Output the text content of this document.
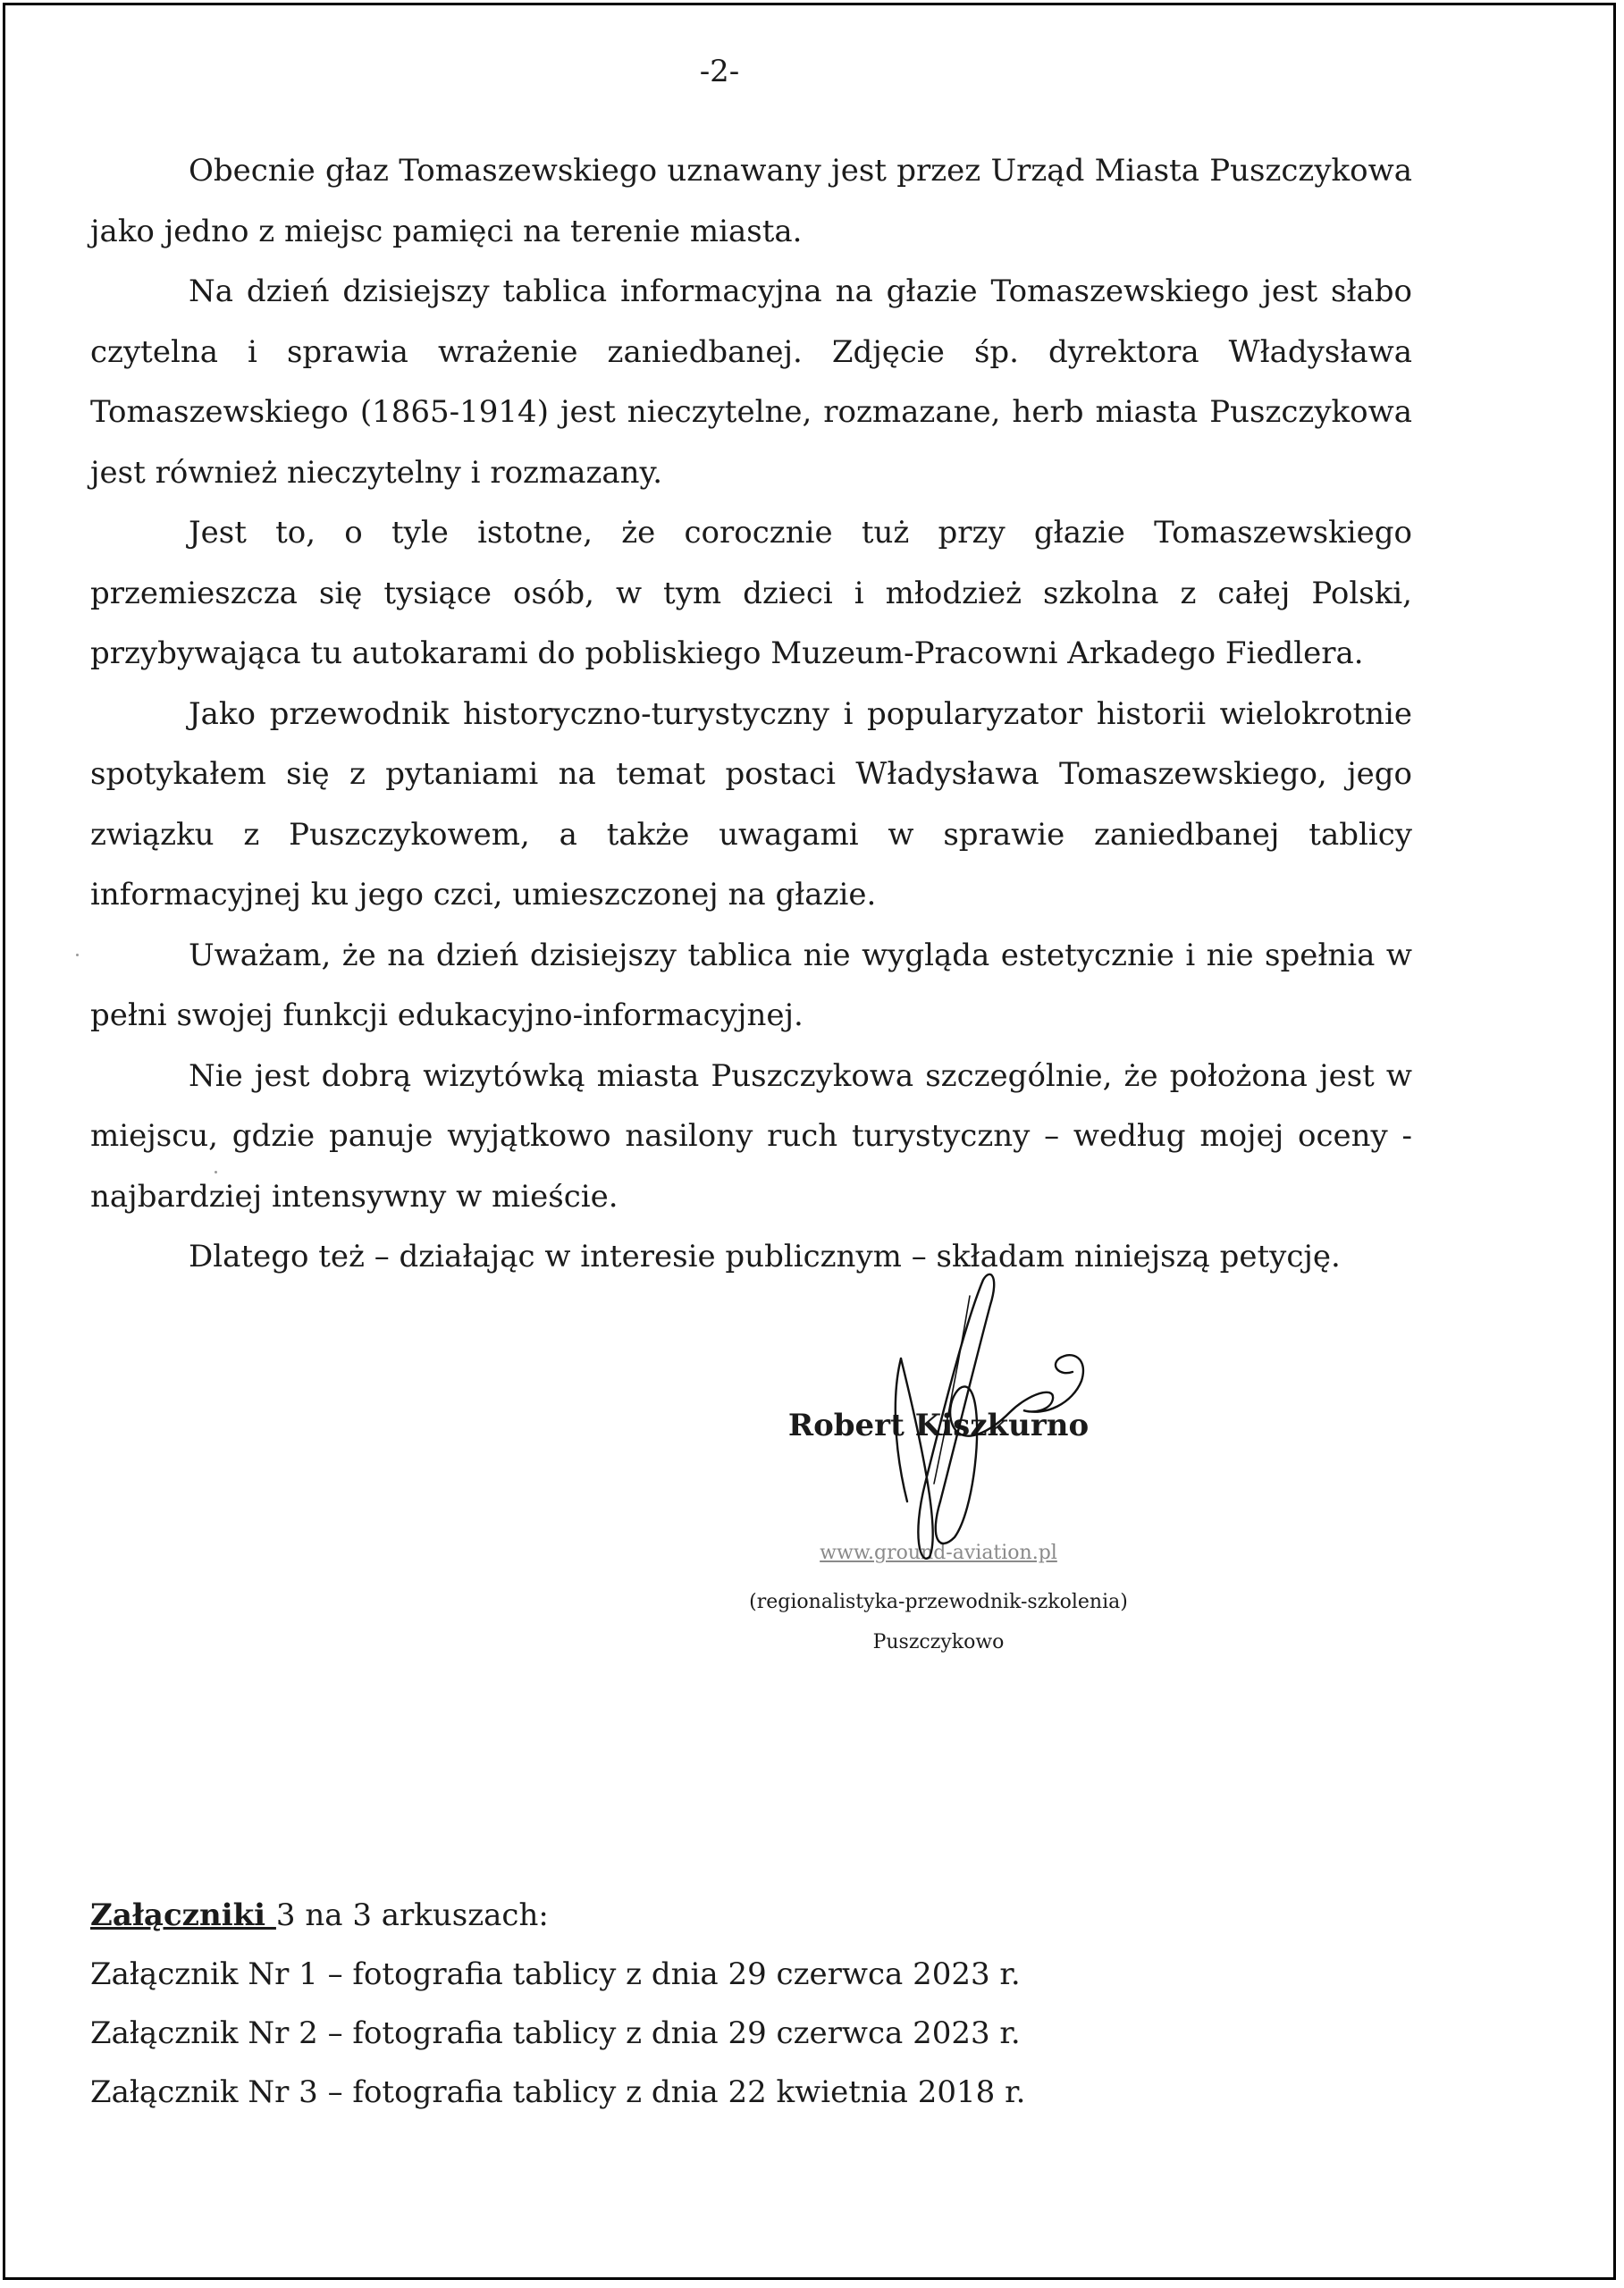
-2-

Obecnie głaz Tomaszewskiego uznawany jest przez Urząd Miasta Puszczykowa jako jedno z miejsc pamięci na terenie miasta.

Na dzień dzisiejszy tablica informacyjna na głazie Tomaszewskiego jest słabo czytelna i sprawia wrażenie zaniedbanej. Zdjęcie śp. dyrektora Władysława Tomaszewskiego (1865-1914) jest nieczytelne, rozmazane, herb miasta Puszczykowa jest również nieczytelny i rozmazany.

Jest to, o tyle istotne, że corocznie tuż przy głazie Tomaszewskiego przemieszcza się tysiące osób, w tym dzieci i młodzież szkolna z całej Polski, przybywająca tu autokarami do pobliskiego Muzeum-Pracowni Arkadego Fiedlera.

Jako przewodnik historyczno-turystyczny i popularyzator historii wielokrotnie spotykałem się z pytaniami na temat postaci Władysława Tomaszewskiego, jego związku z Puszczykowem, a także uwagami w sprawie zaniedbanej tablicy informacyjnej ku jego czci, umieszczonej na głazie.

Uważam, że na dzień dzisiejszy tablica nie wygląda estetycznie i nie spełnia w pełni swojej funkcji edukacyjno-informacyjnej.

Nie jest dobrą wizytówką miasta Puszczykowa szczególnie, że położona jest w miejscu, gdzie panuje wyjątkowo nasilony ruch turystyczny – według mojej oceny - najbardziej intensywny w mieście.

Dlatego też – działając w interesie publicznym – składam niniejszą petycję.

Robert Kiszkurno
www.ground-aviation.pl
(regionalistyka-przewodnik-szkolenia)
Puszczykowo

Załączniki 3 na 3 arkuszach:

Załącznik Nr 1 – fotografia tablicy z dnia 29 czerwca 2023 r.

Załącznik Nr 2 – fotografia tablicy z dnia 29 czerwca 2023 r.

Załącznik Nr 3 – fotografia tablicy z dnia 22 kwietnia 2018 r.
